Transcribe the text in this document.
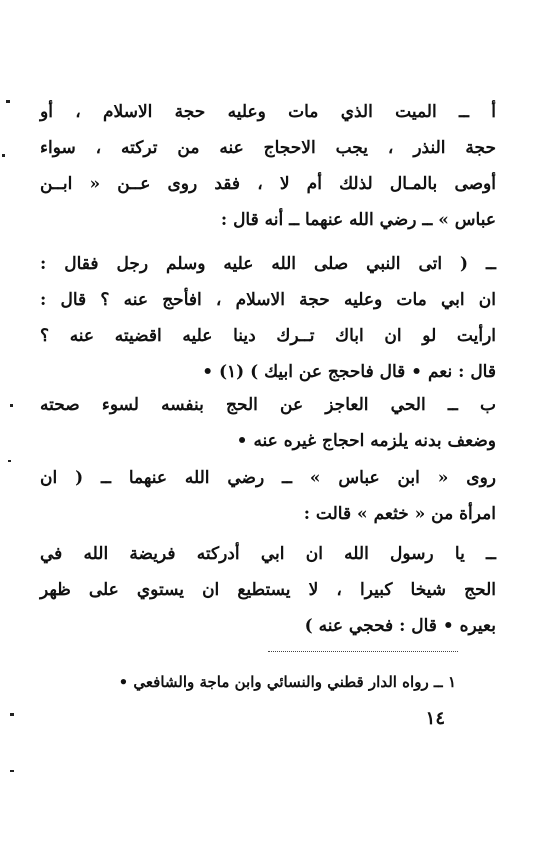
أ ــ الميت الذي مات وعليه حجة الاسلام ، أو
حجة النذر ، يجب الاحجاج عنه من تركته ، سواء
أوصى بالمـال لذلك أم لا ، فقد روى عــن « ابــن
عباس » ــ رضي الله عنهما ــ أنه قال :
ــ ( اتى النبي صلى الله عليه وسلم رجل فقال :
ان ابي مات وعليه حجة الاسلام ، افأحج عنه ؟ قال :
ارأيت لو ان اباك تــرك دينا عليه اقضيته عنه ؟
قال : نعم • قال فاحجج عن ابيك ) (١) •
ب ــ الحي العاجز عن الحج بنفسه لسوء صحته
وضعف بدنه يلزمه احجاج غيره عنه •
روى « ابن عباس » ــ رضي الله عنهما ــ ( ان
امرأة من « خثعم » قالت :
ــ يا رسول الله ان ابي أدركته فريضة الله في
الحج شيخا كبيرا ، لا يستطيع ان يستوي على ظهر
بعيره • قال : فحجي عنه )
١ ــ رواه الدار قطني والنسائي وابن ماجة والشافعي •
١٤
